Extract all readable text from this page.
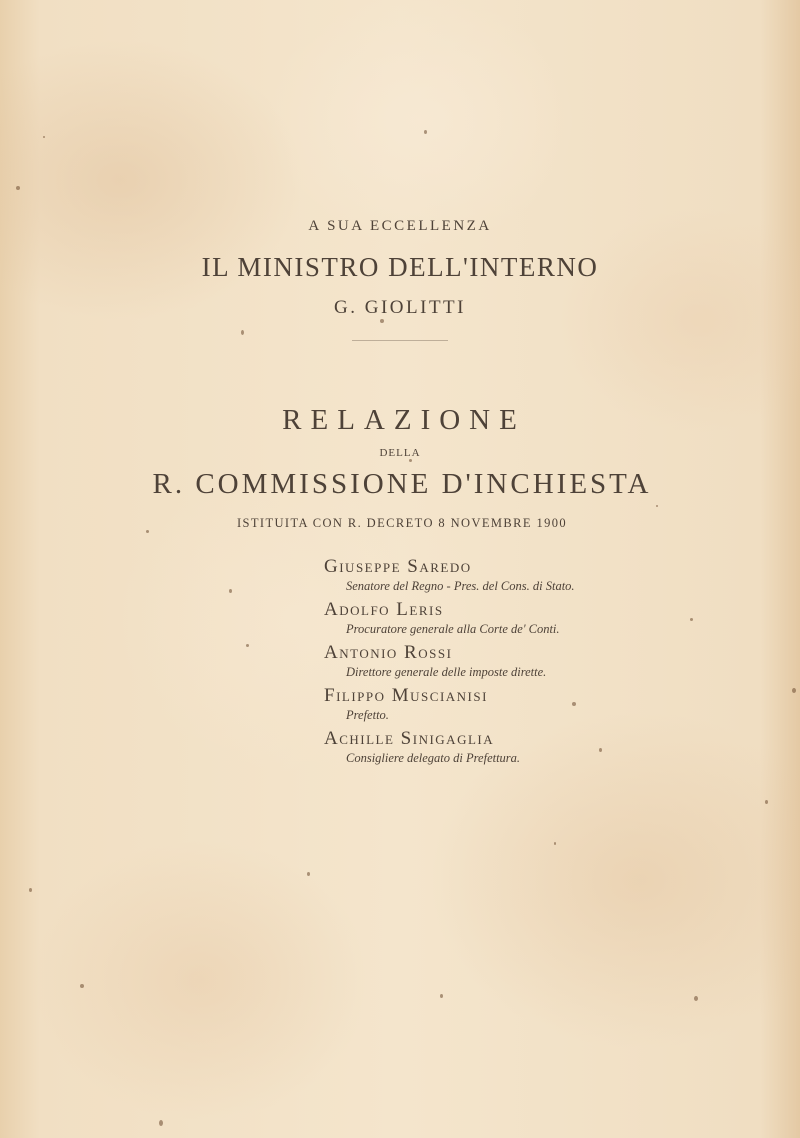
A SUA ECCELLENZA
IL MINISTRO DELL'INTERNO
G. GIOLITTI
RELAZIONE
DELLA
R. COMMISSIONE D'INCHIESTA
ISTITUITA CON R. DECRETO 8 NOVEMBRE 1900
Giuseppe Saredo
Senatore del Regno - Pres. del Cons. di Stato.
Adolfo Leris
Procuratore generale alla Corte de' Conti.
Antonio Rossi
Direttore generale delle imposte dirette.
Filippo Muscianisi
Prefetto.
Achille Sinigaglia
Consigliere delegato di Prefettura.
